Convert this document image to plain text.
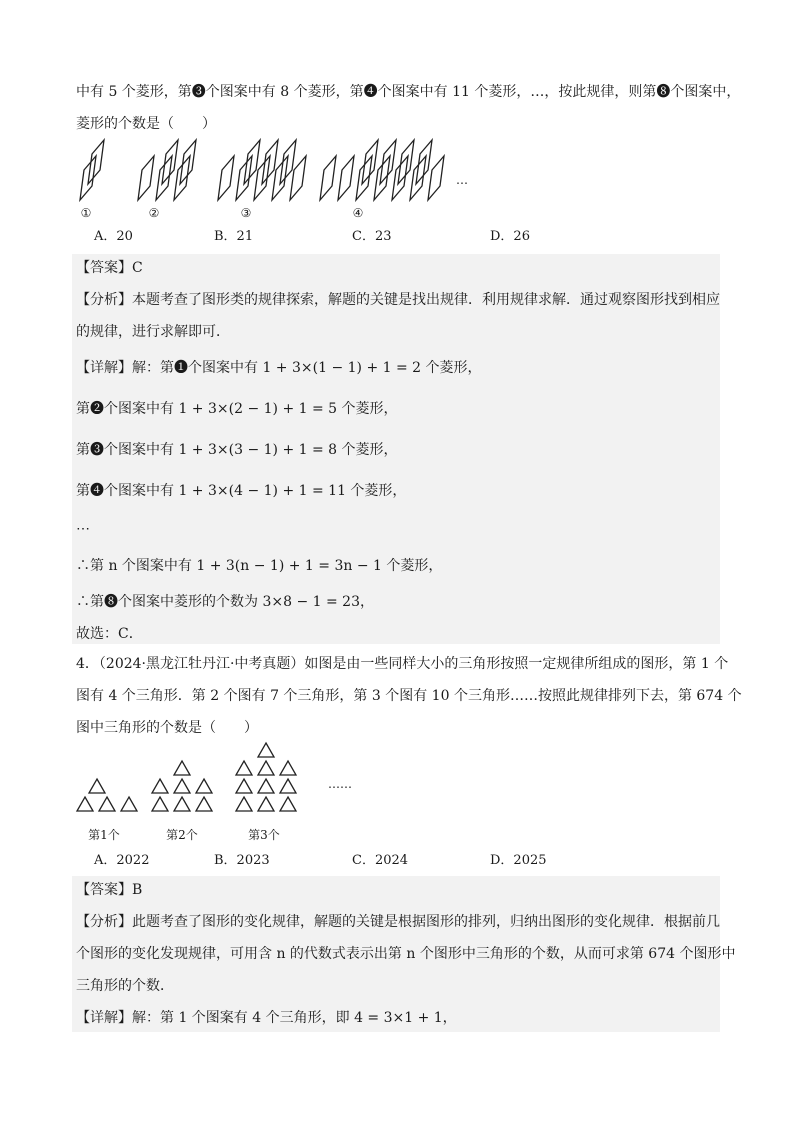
中有 5 个菱形，第❸个图案中有 8 个菱形，第❹个图案中有 11 个菱形，…，按此规律，则第❽个图案中，
菱形的个数是（　　）
…
①	②	③	④
A．20	B．21	C．23	D．26
【答案】C
【分析】本题考查了图形类的规律探索，解题的关键是找出规律．利用规律求解．通过观察图形找到相应
的规律，进行求解即可．
【详解】解：第❶个图案中有 1 + 3×(1 − 1) + 1 = 2 个菱形，
第❷个图案中有 1 + 3×(2 − 1) + 1 = 5 个菱形，
第❸个图案中有 1 + 3×(3 − 1) + 1 = 8 个菱形，
第❹个图案中有 1 + 3×(4 − 1) + 1 = 11 个菱形，
⋯
∴第 n 个图案中有 1 + 3(n − 1) + 1 = 3n − 1 个菱形，
∴第❽个图案中菱形的个数为 3×8 − 1 = 23，
故选：C．
4．（2024·黑龙江牡丹江·中考真题）如图是由一些同样大小的三角形按照一定规律所组成的图形，第 1 个
图有 4 个三角形．第 2 个图有 7 个三角形，第 3 个图有 10 个三角形……按照此规律排列下去，第 674 个
图中三角形的个数是（　　）
……
第1个	第2个	第3个
A．2022	B．2023	C．2024	D．2025
【答案】B
【分析】此题考查了图形的变化规律，解题的关键是根据图形的排列，归纳出图形的变化规律．根据前几
个图形的变化发现规律，可用含 n 的代数式表示出第 n 个图形中三角形的个数，从而可求第 674 个图形中
三角形的个数．
【详解】解：第 1 个图案有 4 个三角形，即 4 = 3×1 + 1，
